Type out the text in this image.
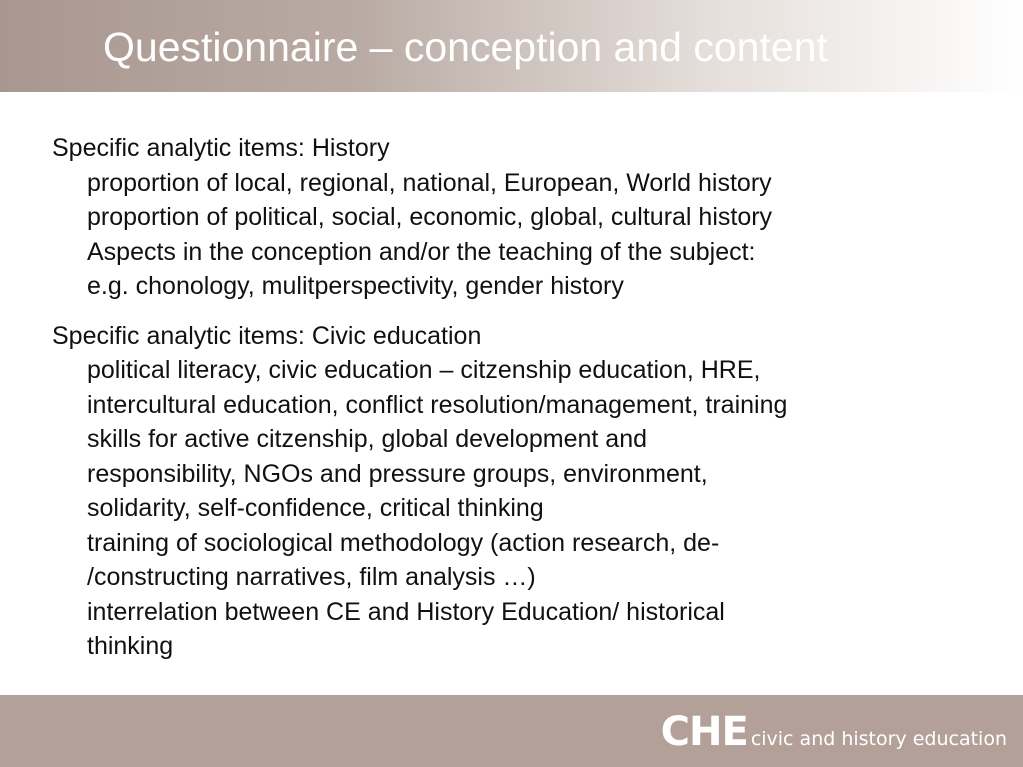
Questionnaire – conception and content

Specific analytic items: History

proportion of local, regional, national, European, World history
proportion of political, social, economic, global, cultural history
Aspects in the conception and/or the teaching of the subject:
e.g. chonology, mulitperspectivity, gender history

Specific analytic items: Civic education

political literacy, civic education – citzenship education, HRE,
intercultural education, conflict resolution/management, training
skills for active citzenship, global development and
responsibility, NGOs and pressure groups, environment,
solidarity, self-confidence, critical thinking
training of sociological methodology (action research, de-
/constructing narratives, film analysis …)
interrelation between CE and History Education/ historical
thinking
CHE civic and history education
